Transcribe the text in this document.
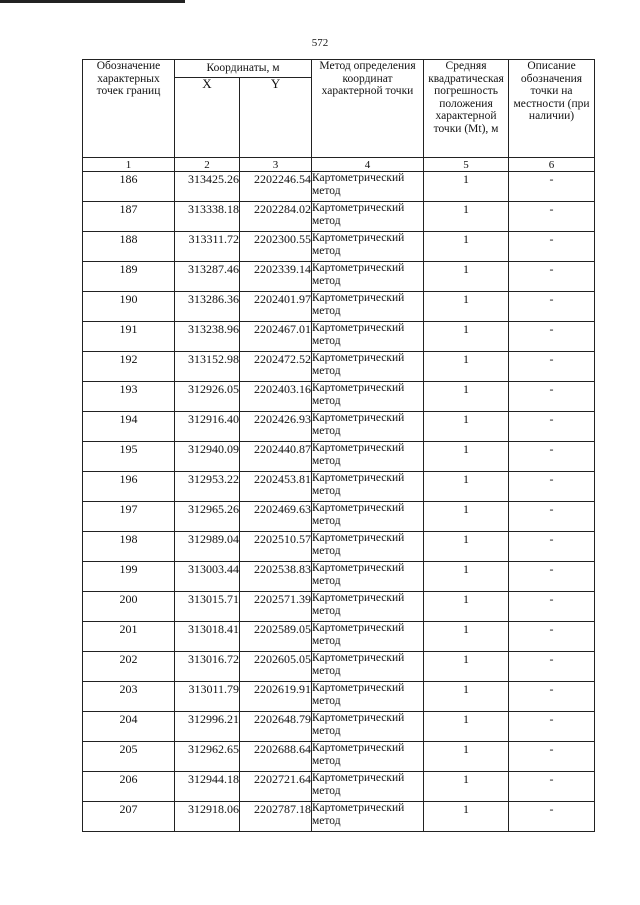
572
Обозначение характерных точек границ	Координаты, м		Метод определения координат характерной точки	Средняя квадратическая погрешность положения характерной точки (Mt), м	Описание обозначения точки на местности (при наличии)
	X	Y			
1	2	3	4	5	6
186	313425.26	2202246.54	Картометрический метод	1	-
187	313338.18	2202284.02	Картометрический метод	1	-
188	313311.72	2202300.55	Картометрический метод	1	-
189	313287.46	2202339.14	Картометрический метод	1	-
190	313286.36	2202401.97	Картометрический метод	1	-
191	313238.96	2202467.01	Картометрический метод	1	-
192	313152.98	2202472.52	Картометрический метод	1	-
193	312926.05	2202403.16	Картометрический метод	1	-
194	312916.40	2202426.93	Картометрический метод	1	-
195	312940.09	2202440.87	Картометрический метод	1	-
196	312953.22	2202453.81	Картометрический метод	1	-
197	312965.26	2202469.63	Картометрический метод	1	-
198	312989.04	2202510.57	Картометрический метод	1	-
199	313003.44	2202538.83	Картометрический метод	1	-
200	313015.71	2202571.39	Картометрический метод	1	-
201	313018.41	2202589.05	Картометрический метод	1	-
202	313016.72	2202605.05	Картометрический метод	1	-
203	313011.79	2202619.91	Картометрический метод	1	-
204	312996.21	2202648.79	Картометрический метод	1	-
205	312962.65	2202688.64	Картометрический метод	1	-
206	312944.18	2202721.64	Картометрический метод	1	-
207	312918.06	2202787.18	Картометрический метод	1	-
